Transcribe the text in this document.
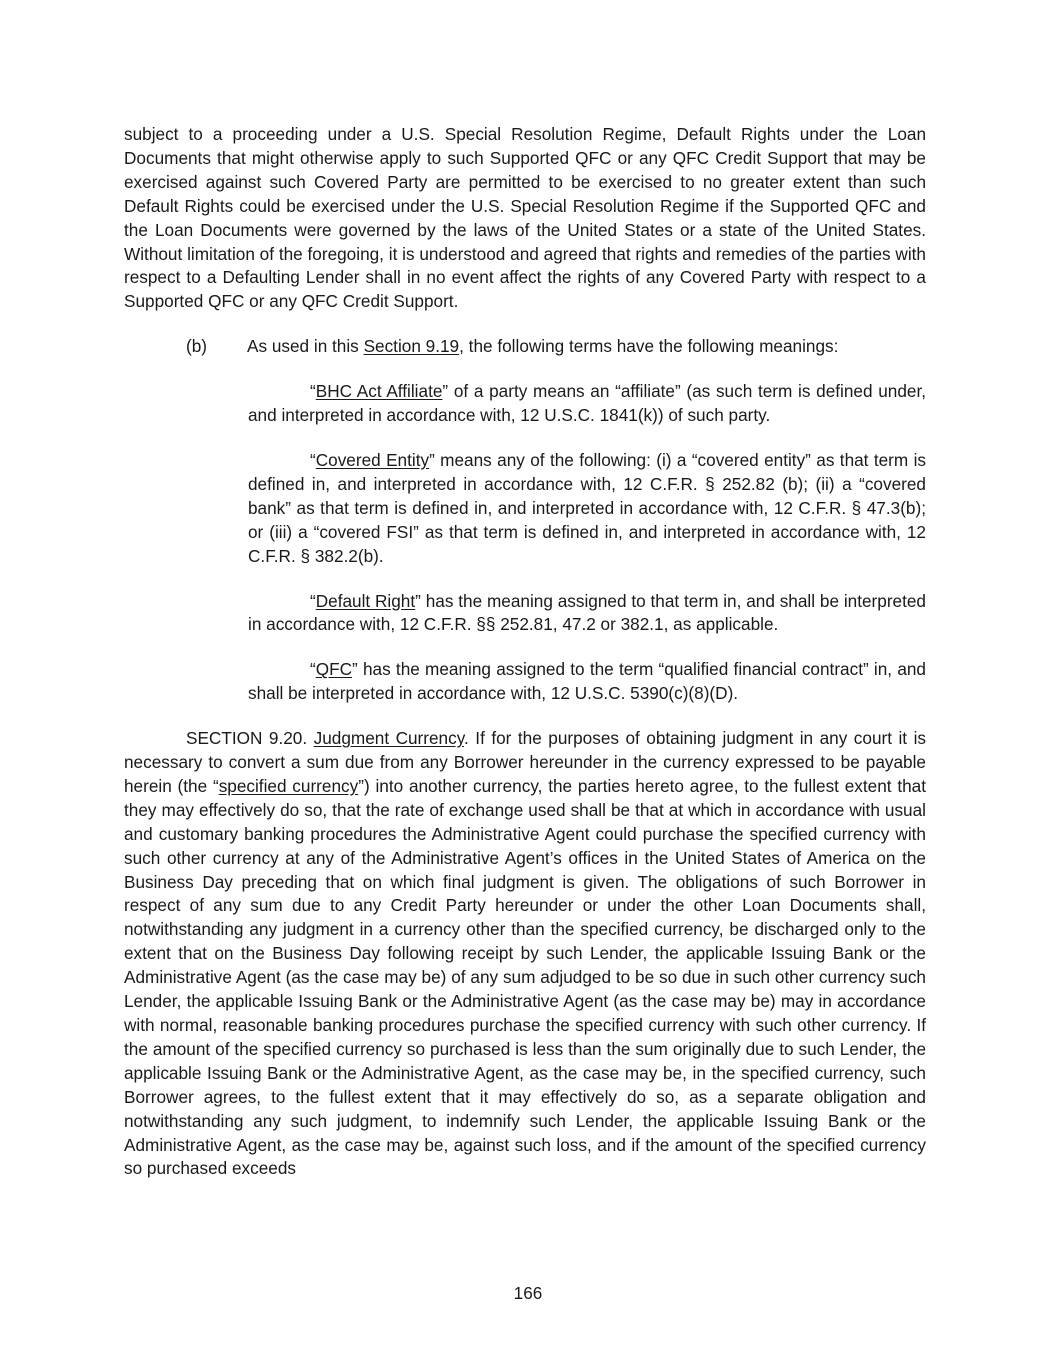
subject to a proceeding under a U.S. Special Resolution Regime, Default Rights under the Loan Documents that might otherwise apply to such Supported QFC or any QFC Credit Support that may be exercised against such Covered Party are permitted to be exercised to no greater extent than such Default Rights could be exercised under the U.S. Special Resolution Regime if the Supported QFC and the Loan Documents were governed by the laws of the United States or a state of the United States. Without limitation of the foregoing, it is understood and agreed that rights and remedies of the parties with respect to a Defaulting Lender shall in no event affect the rights of any Covered Party with respect to a Supported QFC or any QFC Credit Support.

(b)	As used in this Section 9.19, the following terms have the following meanings:

“BHC Act Affiliate” of a party means an “affiliate” (as such term is defined under, and interpreted in accordance with, 12 U.S.C. 1841(k)) of such party.

“Covered Entity” means any of the following: (i) a “covered entity” as that term is defined in, and interpreted in accordance with, 12 C.F.R. § 252.82 (b); (ii) a “covered bank” as that term is defined in, and interpreted in accordance with, 12 C.F.R. § 47.3(b); or (iii) a “covered FSI” as that term is defined in, and interpreted in accordance with, 12 C.F.R. § 382.2(b).

“Default Right” has the meaning assigned to that term in, and shall be interpreted in accordance with, 12 C.F.R. §§ 252.81, 47.2 or 382.1, as applicable.

“QFC” has the meaning assigned to the term “qualified financial contract” in, and shall be interpreted in accordance with, 12 U.S.C. 5390(c)(8)(D).

SECTION 9.20. Judgment Currency. If for the purposes of obtaining judgment in any court it is necessary to convert a sum due from any Borrower hereunder in the currency expressed to be payable herein (the “specified currency”) into another currency, the parties hereto agree, to the fullest extent that they may effectively do so, that the rate of exchange used shall be that at which in accordance with usual and customary banking procedures the Administrative Agent could purchase the specified currency with such other currency at any of the Administrative Agent’s offices in the United States of America on the Business Day preceding that on which final judgment is given. The obligations of such Borrower in respect of any sum due to any Credit Party hereunder or under the other Loan Documents shall, notwithstanding any judgment in a currency other than the specified currency, be discharged only to the extent that on the Business Day following receipt by such Lender, the applicable Issuing Bank or the Administrative Agent (as the case may be) of any sum adjudged to be so due in such other currency such Lender, the applicable Issuing Bank or the Administrative Agent (as the case may be) may in accordance with normal, reasonable banking procedures purchase the specified currency with such other currency. If the amount of the specified currency so purchased is less than the sum originally due to such Lender, the applicable Issuing Bank or the Administrative Agent, as the case may be, in the specified currency, such Borrower agrees, to the fullest extent that it may effectively do so, as a separate obligation and notwithstanding any such judgment, to indemnify such Lender, the applicable Issuing Bank or the Administrative Agent, as the case may be, against such loss, and if the amount of the specified currency so purchased exceeds

166
